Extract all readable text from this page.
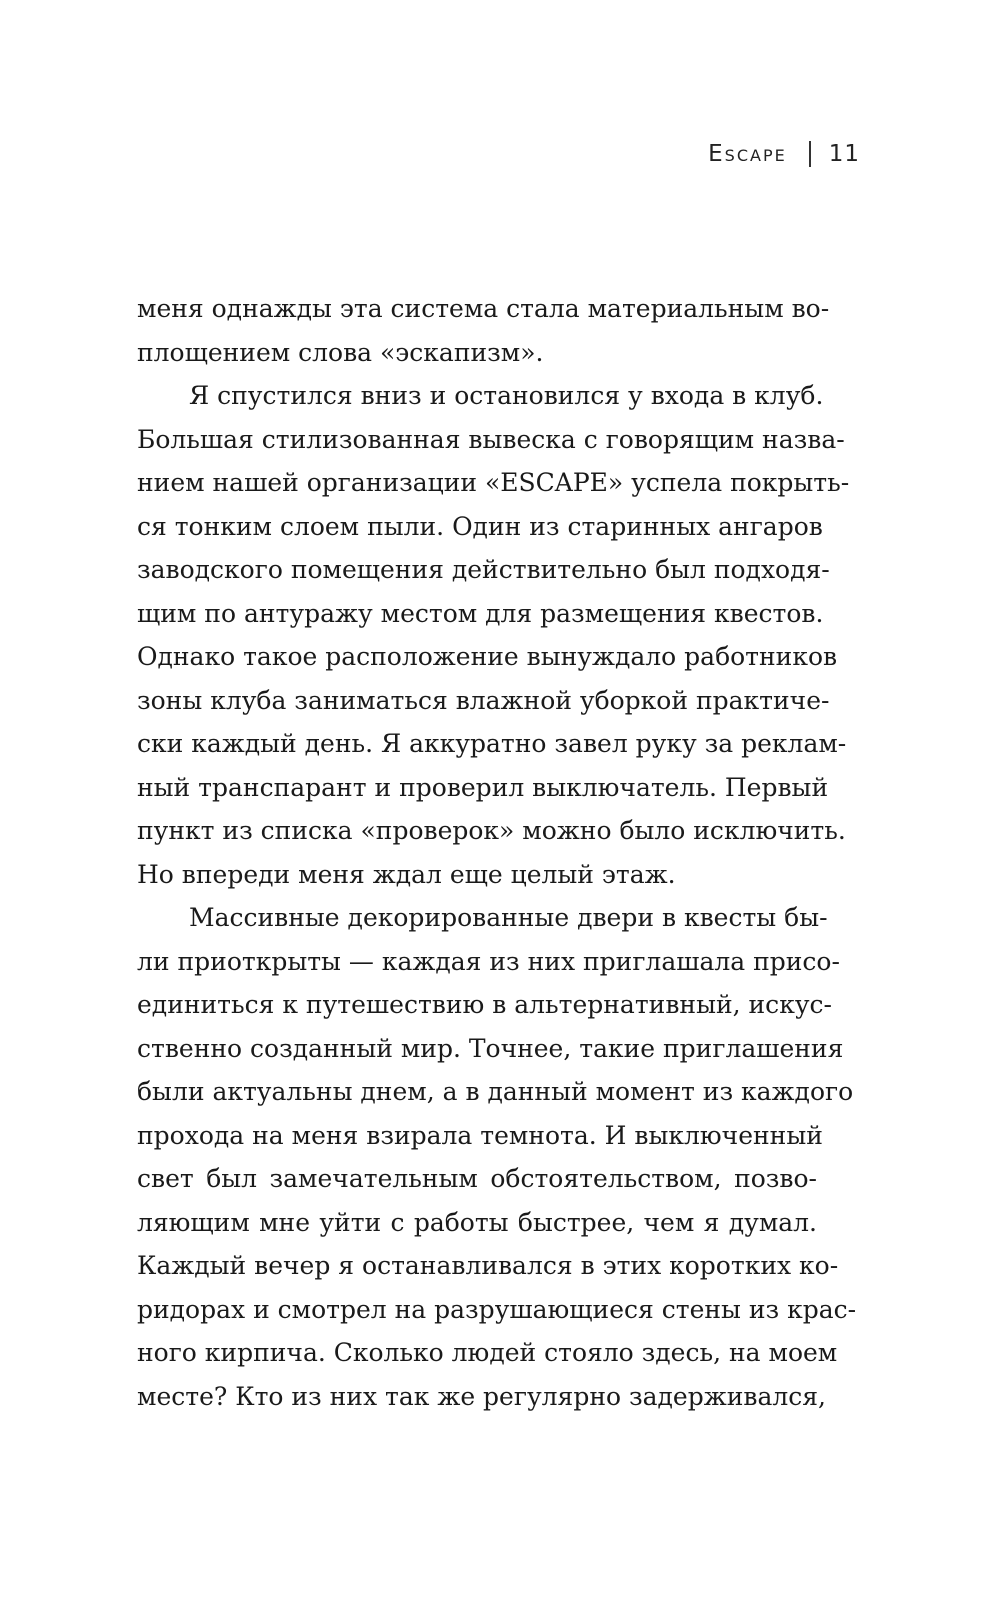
Escape 11
меня однажды эта система стала материальным во-
площением слова «эскапизм».
Я спустился вниз и остановился у входа в клуб.
Большая стилизованная вывеска с говорящим назва-
нием нашей организации «ESCAPE» успела покрыть-
ся тонким слоем пыли. Один из старинных ангаров
заводского помещения действительно был подходя-
щим по антуражу местом для размещения квестов.
Однако такое расположение вынуждало работников
зоны клуба заниматься влажной уборкой практиче-
ски каждый день. Я аккуратно завел руку за реклам-
ный транспарант и проверил выключатель. Первый
пункт из списка «проверок» можно было исключить.
Но впереди меня ждал еще целый этаж.
Массивные декорированные двери в квесты бы-
ли приоткрыты — каждая из них приглашала присо-
единиться к путешествию в альтернативный, искус-
ственно созданный мир. Точнее, такие приглашения
были актуальны днем, а в данный момент из каждого
прохода на меня взирала темнота. И выключенный
свет был замечательным обстоятельством, позво-
ляющим мне уйти с работы быстрее, чем я думал.
Каждый вечер я останавливался в этих коротких ко-
ридорах и смотрел на разрушающиеся стены из крас-
ного кирпича. Сколько людей стояло здесь, на моем
месте? Кто из них так же регулярно задерживался,
